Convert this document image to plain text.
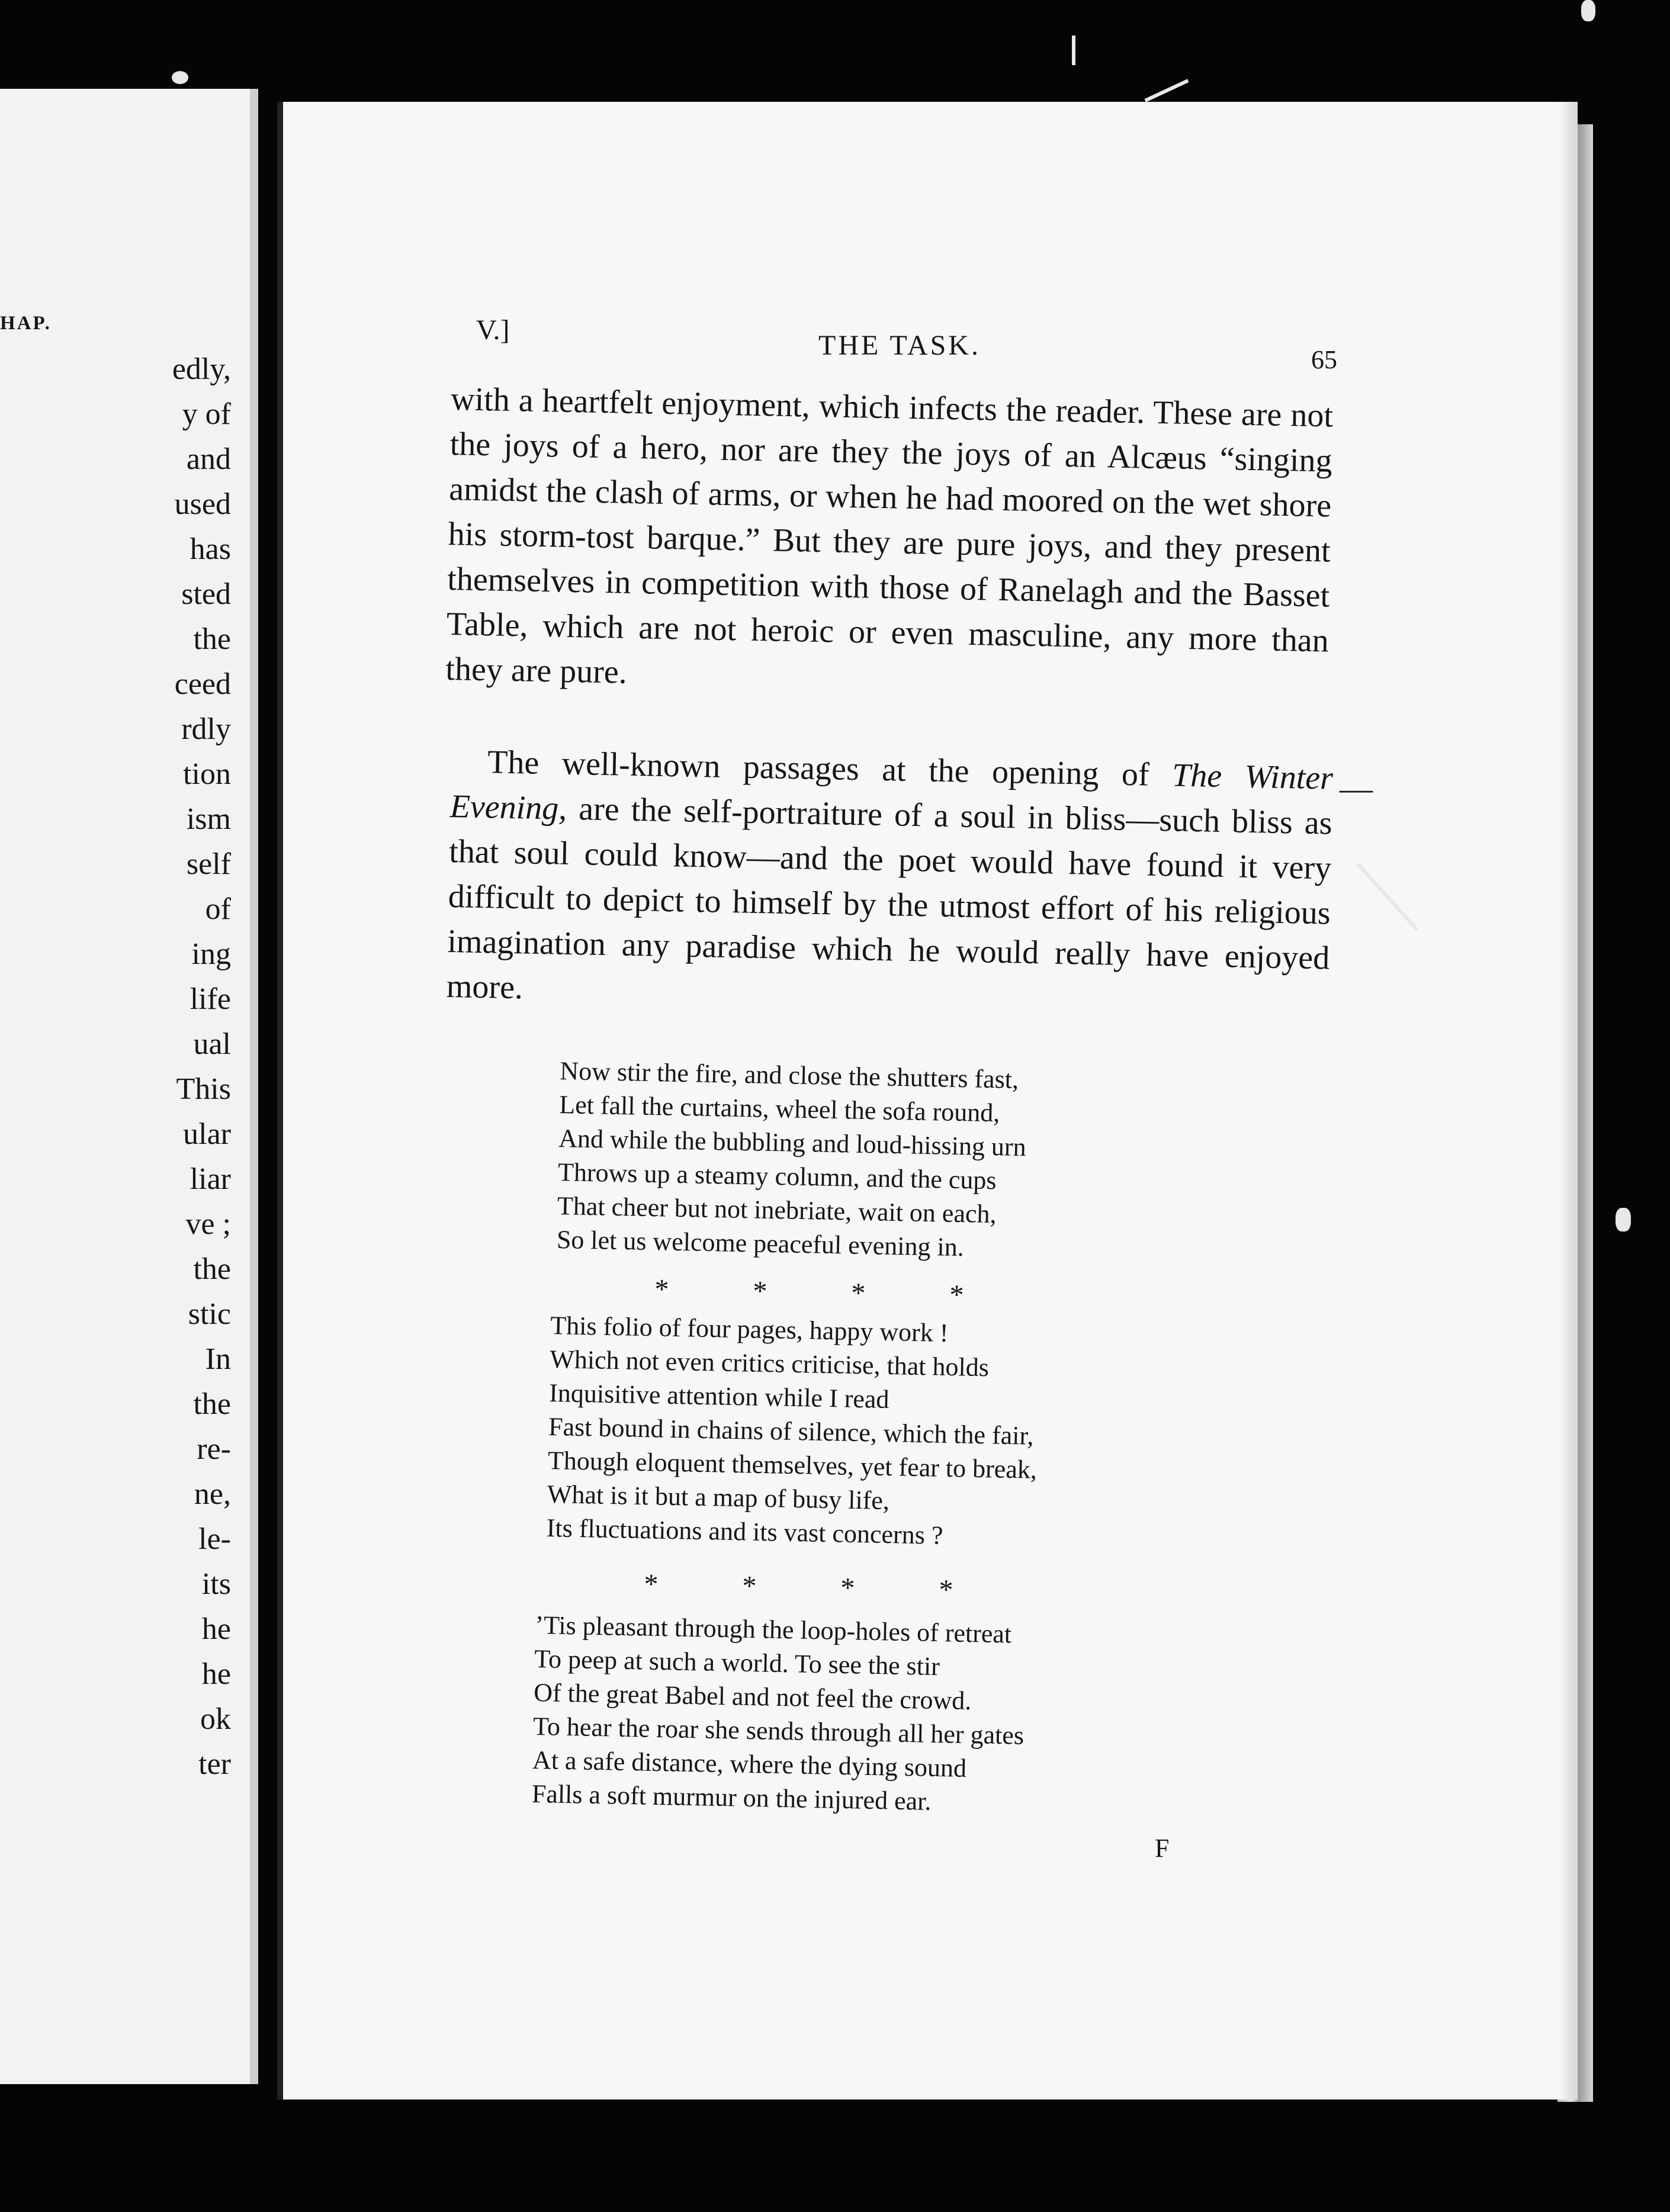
HAP.
edly,
y of
and
used
has
sted
the
ceed
rdly
tion
ism
self
of
ing
life
ual
This
ular
liar
ve ;
the
stic
In
the
re-
ne,
le-
its
he
he
ok
ter
V.]	THE TASK.	65
with a heartfelt enjoyment, which infects the reader. These are not the joys of a hero, nor are they the joys of an Alcæus “singing amidst the clash of arms, or when he had moored on the wet shore his storm-tost barque.” But they are pure joys, and they present themselves in competition with those of Ranelagh and the Basset Table, which are not heroic or even masculine, any more than they are pure.
The well-known passages at the opening of The Winter Evening, are the self-portraiture of a soul in bliss—such bliss as that soul could know—and the poet would have found it very difficult to depict to himself by the utmost effort of his religious imagination any paradise which he would really have enjoyed more.
—
Now stir the fire, and close the shutters fast,
Let fall the curtains, wheel the sofa round,
And while the bubbling and loud-hissing urn
Throws up a steamy column, and the cups
That cheer but not inebriate, wait on each,
So let us welcome peaceful evening in.
* * * *
This folio of four pages, happy work !
Which not even critics criticise, that holds
Inquisitive attention while I read
Fast bound in chains of silence, which the fair,
Though eloquent themselves, yet fear to break,
What is it but a map of busy life,
Its fluctuations and its vast concerns ?
* * * *
’Tis pleasant through the loop-holes of retreat
To peep at such a world. To see the stir
Of the great Babel and not feel the crowd.
To hear the roar she sends through all her gates
At a safe distance, where the dying sound
Falls a soft murmur on the injured ear.
F
